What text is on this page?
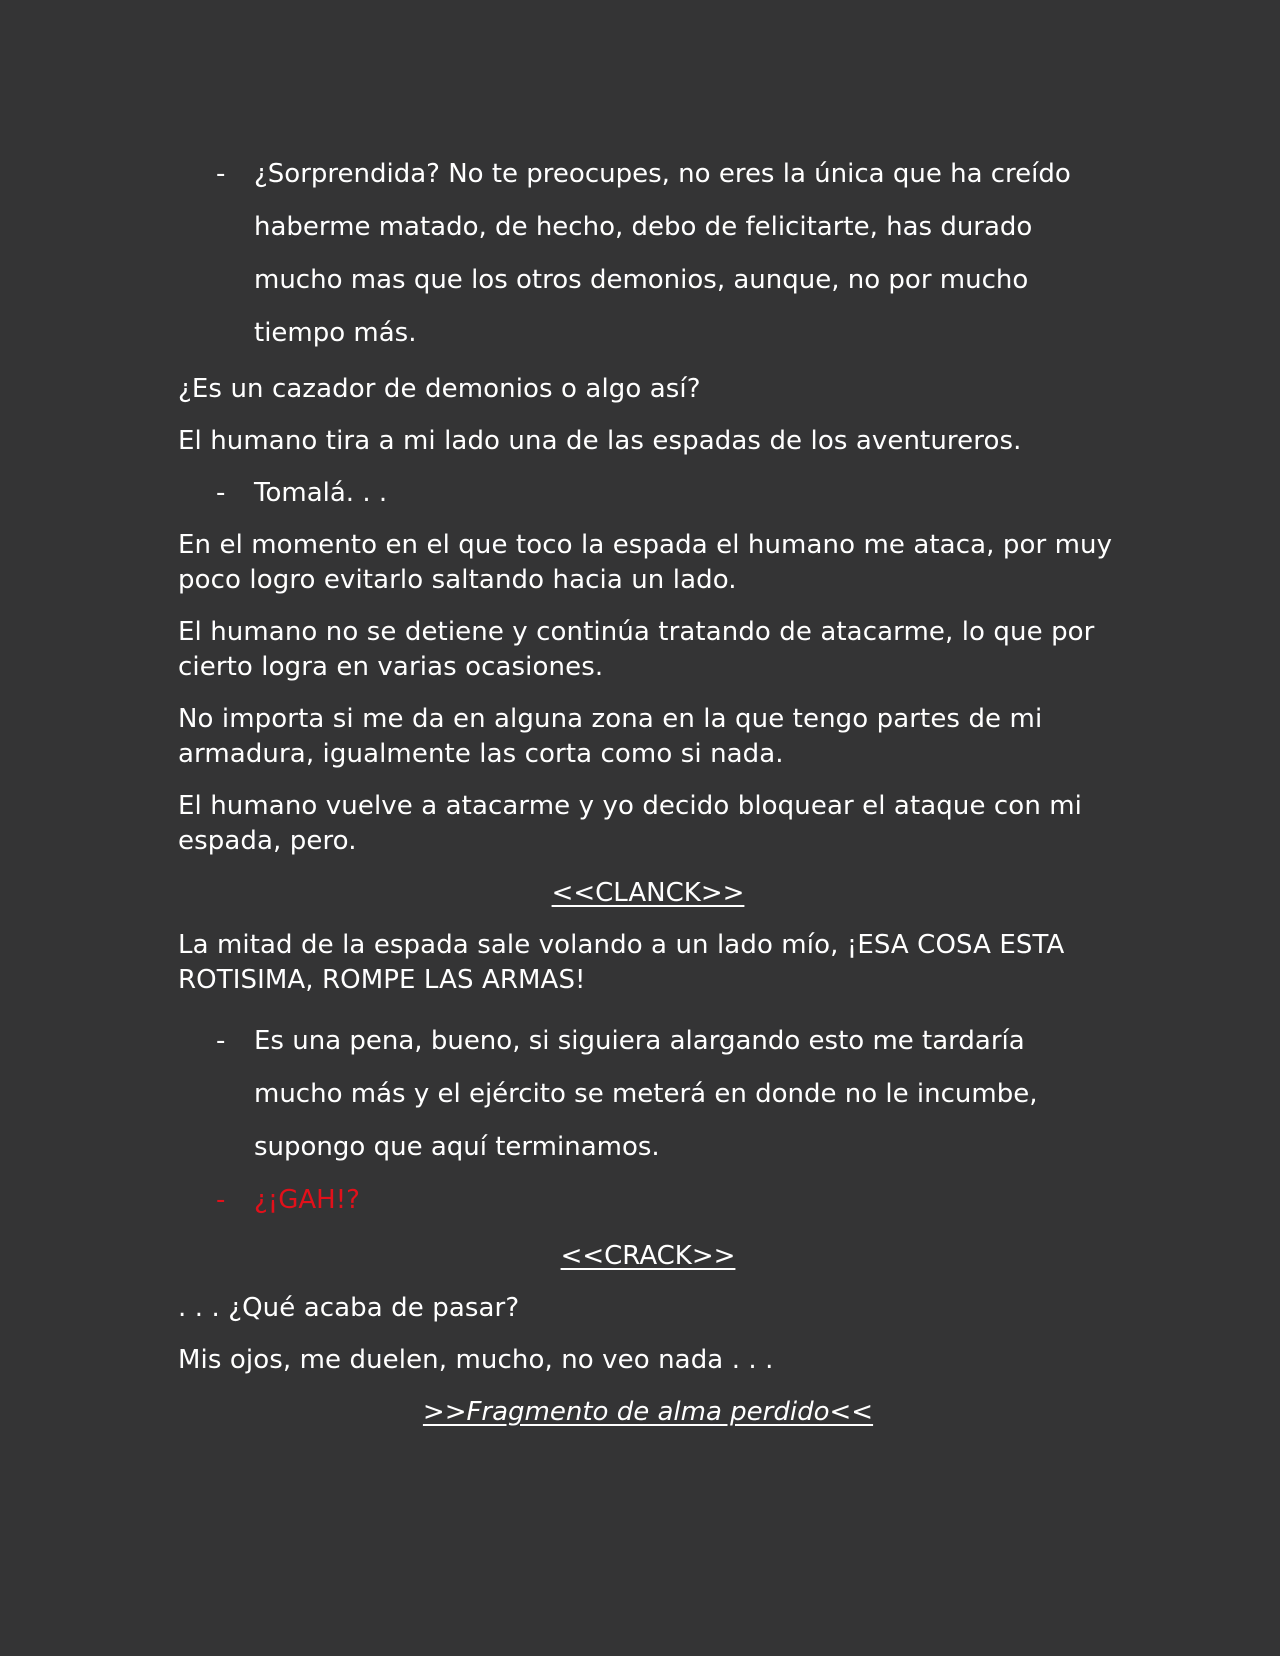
- ¿Sorprendida? No te preocupes, no eres la única que ha creído
haberme matado, de hecho, debo de felicitarte, has durado
mucho mas que los otros demonios, aunque, no por mucho
tiempo más.

¿Es un cazador de demonios o algo así?

El humano tira a mi lado una de las espadas de los aventureros.

- Tomalá. . .

En el momento en el que toco la espada el humano me ataca, por muy
poco logro evitarlo saltando hacia un lado.

El humano no se detiene y continúa tratando de atacarme, lo que por
cierto logra en varias ocasiones.

No importa si me da en alguna zona en la que tengo partes de mi
armadura, igualmente las corta como si nada.

El humano vuelve a atacarme y yo decido bloquear el ataque con mi
espada, pero.

<<CLANCK>>

La mitad de la espada sale volando a un lado mío, ¡ESA COSA ESTA
ROTISIMA, ROMPE LAS ARMAS!

- Es una pena, bueno, si siguiera alargando esto me tardaría
mucho más y el ejército se meterá en donde no le incumbe,
supongo que aquí terminamos.
- ¿¡GAH!?

<<CRACK>>

. . . ¿Qué acaba de pasar?

Mis ojos, me duelen, mucho, no veo nada . . .

>>Fragmento de alma perdido<<
